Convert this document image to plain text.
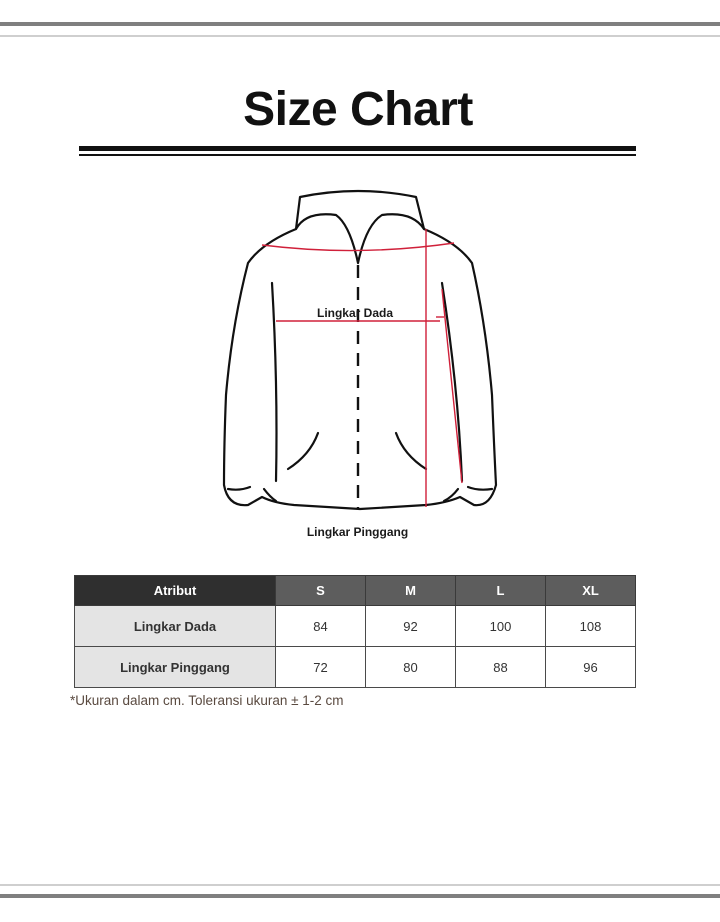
Size Chart
Lingkar Dada
Lingkar Pinggang
Atribut	S	M	L	XL
Lingkar Dada	84	92	100	108
Lingkar Pinggang	72	80	88	96
*Ukuran dalam cm. Toleransi ukuran ± 1-2 cm
